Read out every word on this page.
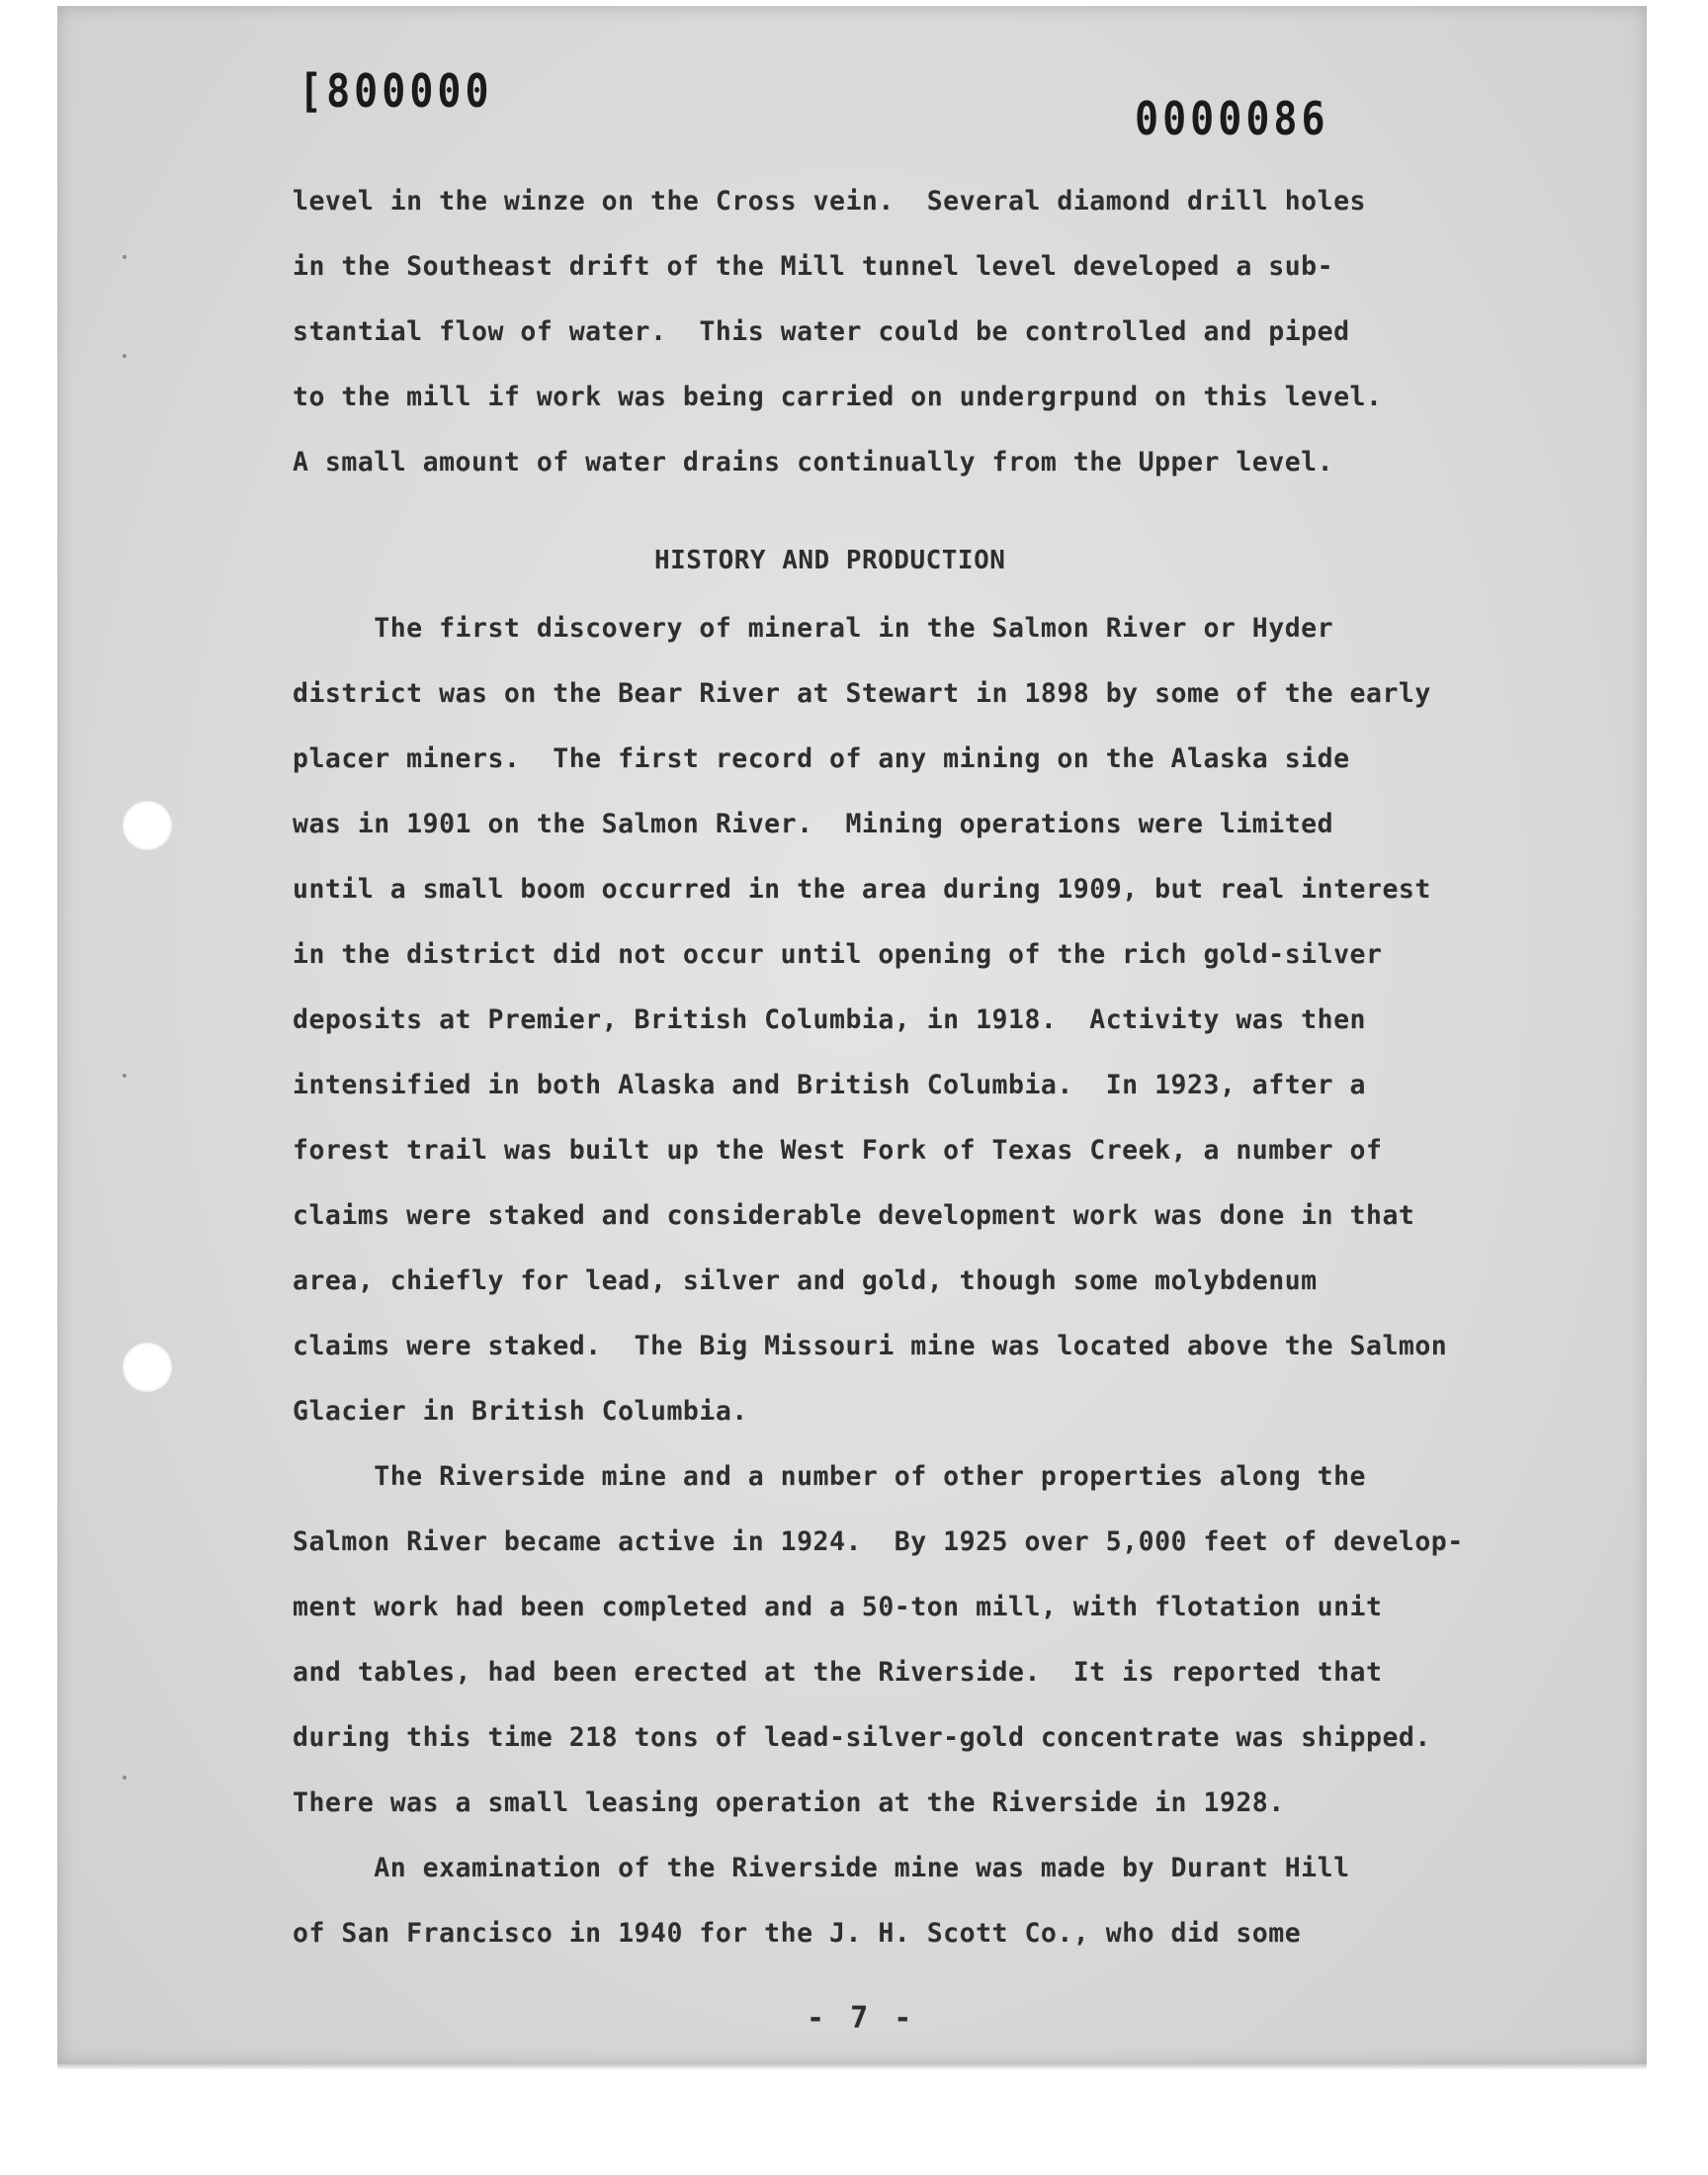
[800000
0000086

level in the winze on the Cross vein.  Several diamond drill holes

in the Southeast drift of the Mill tunnel level developed a sub-

stantial flow of water.  This water could be controlled and piped

to the mill if work was being carried on undergrpund on this level.

A small amount of water drains continually from the Upper level.

The first discovery of mineral in the Salmon River or Hyder

district was on the Bear River at Stewart in 1898 by some of the early

placer miners.  The first record of any mining on the Alaska side

was in 1901 on the Salmon River.  Mining operations were limited

until a small boom occurred in the area during 1909, but real interest

in the district did not occur until opening of the rich gold-silver

deposits at Premier, British Columbia, in 1918.  Activity was then

intensified in both Alaska and British Columbia.  In 1923, after a

forest trail was built up the West Fork of Texas Creek, a number of

claims were staked and considerable development work was done in that

area, chiefly for lead, silver and gold, though some molybdenum

claims were staked.  The Big Missouri mine was located above the Salmon

Glacier in British Columbia.

The Riverside mine and a number of other properties along the

Salmon River became active in 1924.  By 1925 over 5,000 feet of develop-

ment work had been completed and a 50-ton mill, with flotation unit

and tables, had been erected at the Riverside.  It is reported that

during this time 218 tons of lead-silver-gold concentrate was shipped.

There was a small leasing operation at the Riverside in 1928.

An examination of the Riverside mine was made by Durant Hill

of San Francisco in 1940 for the J. H. Scott Co., who did some

HISTORY AND PRODUCTION
- 7 -
